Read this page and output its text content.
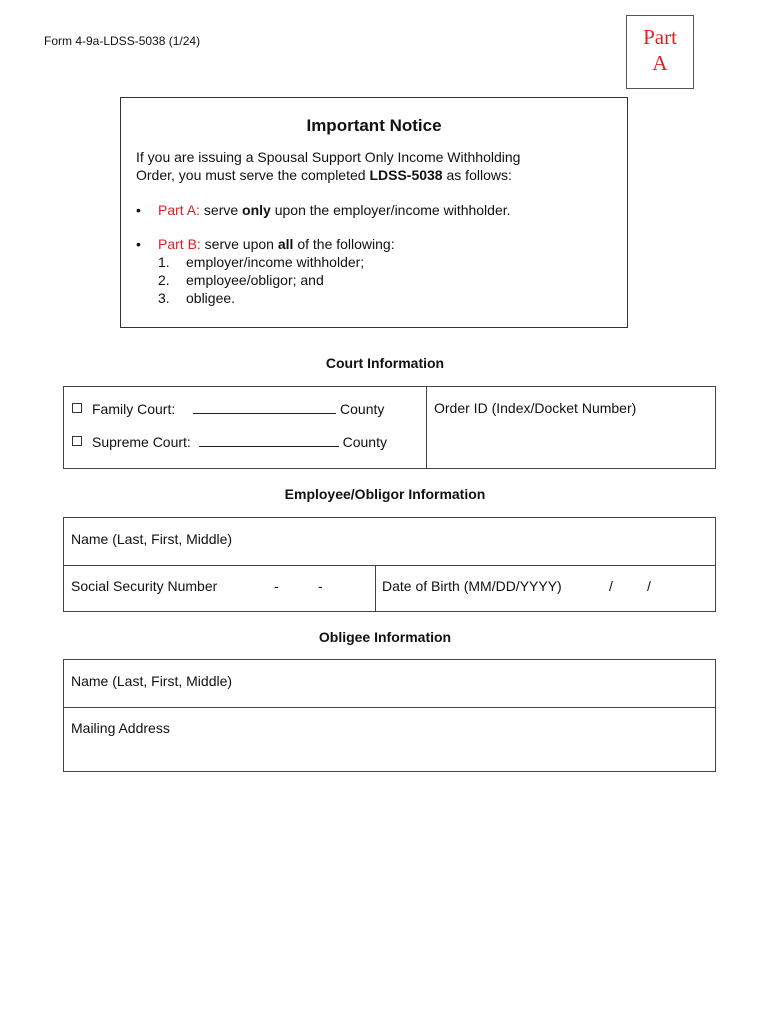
Form 4-9a-LDSS-5038 (1/24)	Part
A
Important Notice
If you are issuing a Spousal Support Only Income Withholding
Order, you must serve the completed LDSS-5038 as follows:
• Part A: serve only upon the employer/income withholder.
• Part B: serve upon all of the following:
1. employer/income withholder;
2. employee/obligor; and
3. obligee.
Court Information
Family Court:	County
Supreme Court:	County
Order ID (Index/Docket Number)
Employee/Obligor Information
Name (Last, First, Middle)
Social Security Number	-	-	Date of Birth (MM/DD/YYYY)	/ /
Obligee Information
Name (Last, First, Middle)
Mailing Address
